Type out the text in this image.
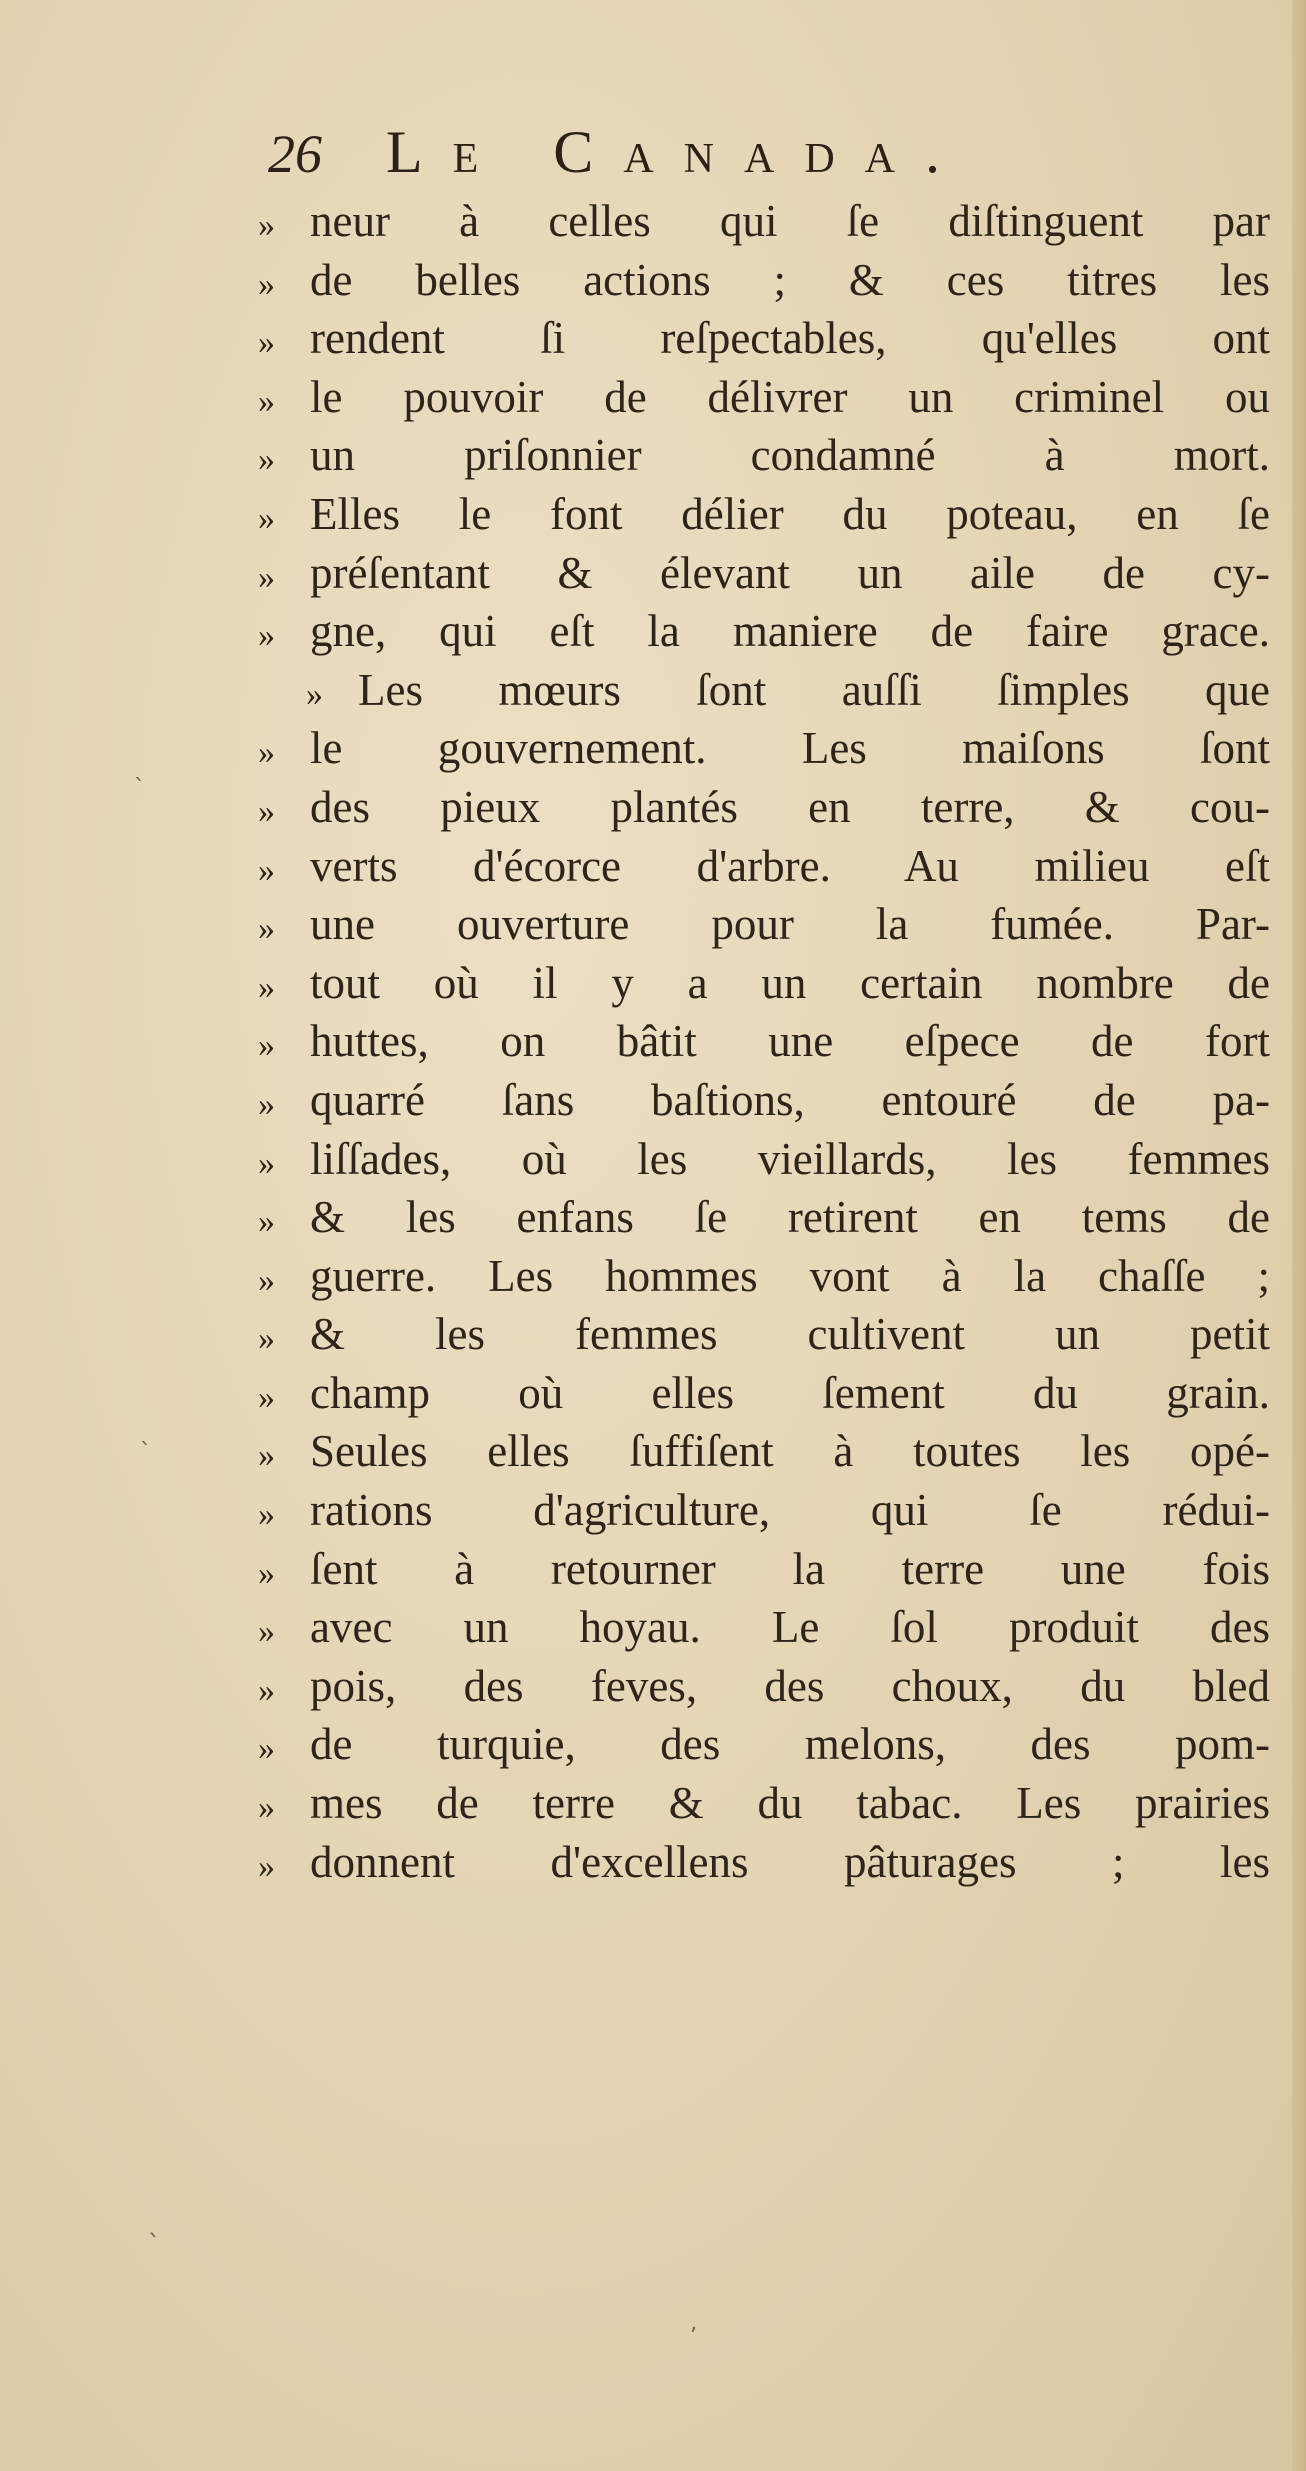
26 Le Canada.
» neur à celles qui ſe diſtinguent par
» de belles actions ; & ces titres les
» rendent ſi reſpectables, qu'elles ont
» le pouvoir de délivrer un criminel ou
» un priſonnier condamné à mort.
» Elles le font délier du poteau, en ſe
» préſentant & élevant un aile de cy-
» gne, qui eſt la maniere de faire grace.
» Les mœurs ſont auſſi ſimples que
» le gouvernement. Les maiſons ſont
» des pieux plantés en terre, & cou-
» verts d'écorce d'arbre. Au milieu eſt
» une ouverture pour la fumée. Par-
» tout où il y a un certain nombre de
» huttes, on bâtit une eſpece de fort
» quarré ſans baſtions, entouré de pa-
» liſſades, où les vieillards, les femmes
» & les enfans ſe retirent en tems de
» guerre. Les hommes vont à la chaſſe ;
» & les femmes cultivent un petit
» champ où elles ſement du grain.
» Seules elles ſuffiſent à toutes les opé-
» rations d'agriculture, qui ſe rédui-
» ſent à retourner la terre une fois
» avec un hoyau. Le ſol produit des
» pois, des feves, des choux, du bled
» de turquie, des melons, des pom-
» mes de terre & du tabac. Les prairies
» donnent d'excellens pâturages ; les
ˋ
ˋ
ˋ
ʼ
